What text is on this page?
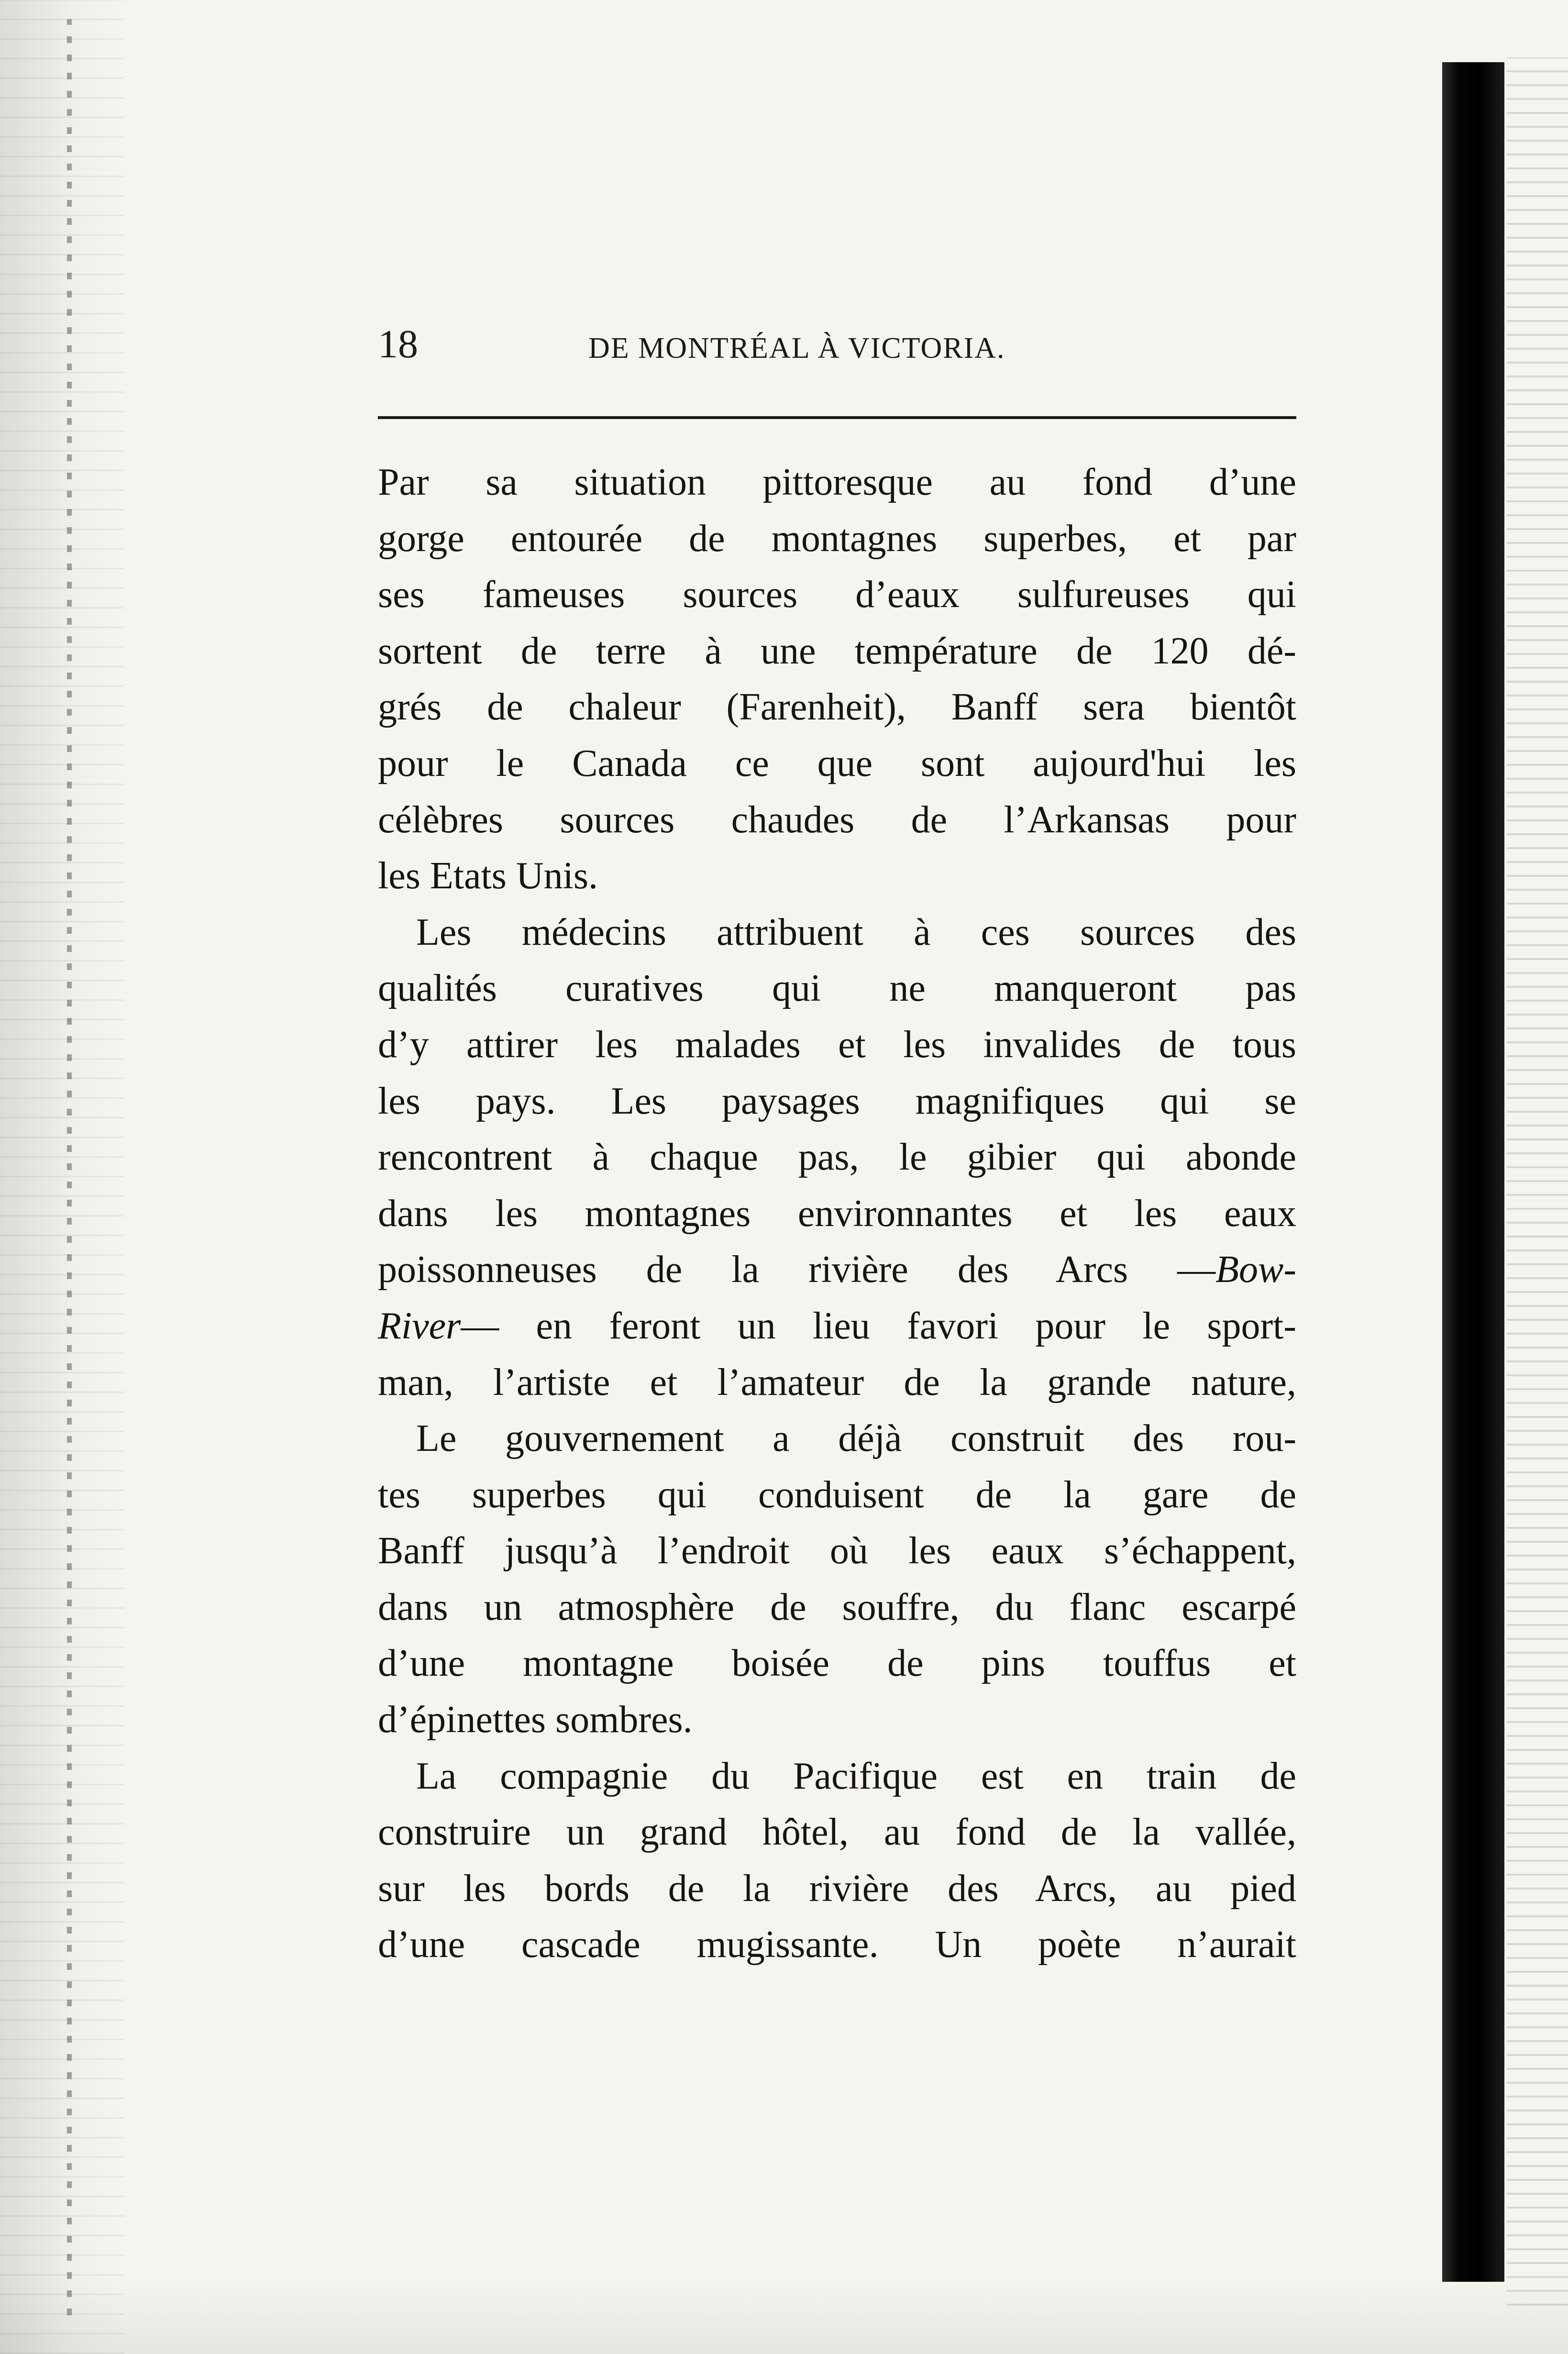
18	DE MONTRÉAL À VICTORIA.
Par sa situation pittoresque au fond d’une
gorge entourée de montagnes superbes, et par
ses fameuses sources d’eaux sulfureuses qui
sortent de terre à une température de 120 dé-
grés de chaleur (Farenheit), Banff sera bientôt
pour le Canada ce que sont aujourd'hui les
célèbres sources chaudes de l’Arkansas pour
les Etats Unis.
Les médecins attribuent à ces sources des
qualités curatives qui ne manqueront pas
d’y attirer les malades et les invalides de tous
les pays. Les paysages magnifiques qui se
rencontrent à chaque pas, le gibier qui abonde
dans les montagnes environnantes et les eaux
poissonneuses de la rivière des Arcs —Bow-
River— en feront un lieu favori pour le sport-
man, l’artiste et l’amateur de la grande nature,
Le gouvernement a déjà construit des rou-
tes superbes qui conduisent de la gare de
Banff jusqu’à l’endroit où les eaux s’échappent,
dans un atmosphère de souffre, du flanc escarpé
d’une montagne boisée de pins touffus et
d’épinettes sombres.
La compagnie du Pacifique est en train de
construire un grand hôtel, au fond de la vallée,
sur les bords de la rivière des Arcs, au pied
d’une cascade mugissante. Un poète n’aurait
